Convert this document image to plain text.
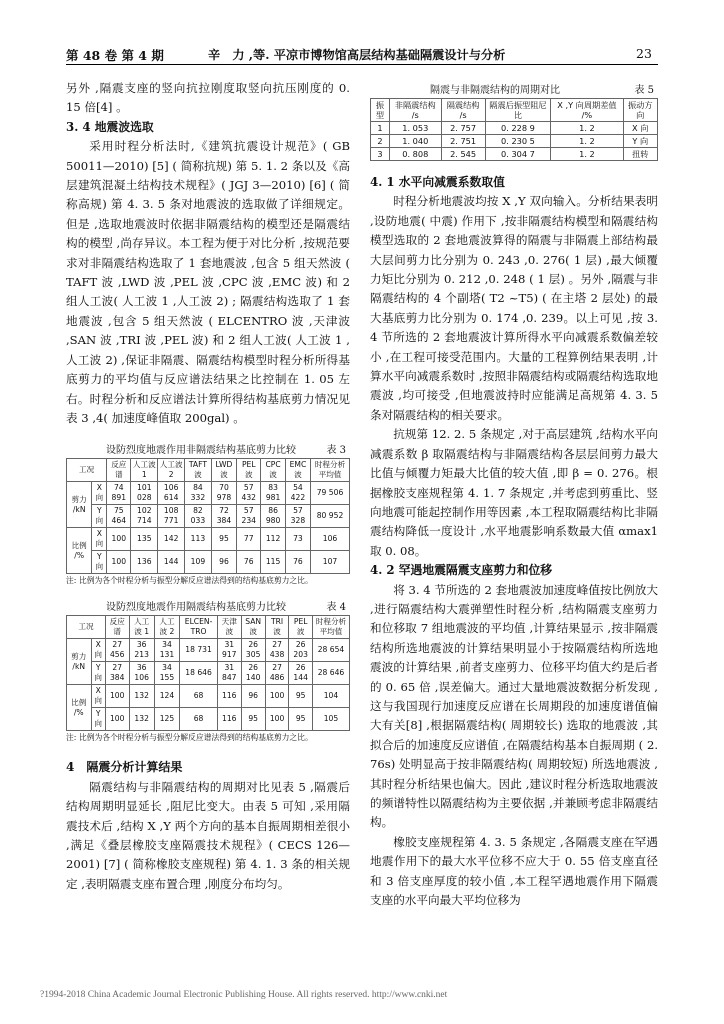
第 48 卷 第 4 期	辛　力 ,等. 平凉市博物馆高层结构基础隔震设计与分析	23

另外 ,隔震支座的竖向抗拉刚度取竖向抗压刚度的 0. 15 倍[4] 。

3. 4 地震波选取

采用时程分析法时,《建筑抗震设计规范》( GB 50011—2010) [5] ( 简称抗规) 第 5. 1. 2 条以及《高层建筑混凝土结构技术规程》( JGJ 3—2010) [6] ( 简称高规) 第 4. 3. 5 条对地震波的选取做了详细规定。但是 ,选取地震波时依据非隔震结构的模型还是隔震结构的模型 ,尚存异议。本工程为便于对比分析 ,按规范要求对非隔震结构选取了 1 套地震波 ,包含 5 组天然波 ( TAFT 波 ,LWD 波 ,PEL 波 ,CPC 波 ,EMC 波) 和 2 组人工波( 人工波 1 ,人工波 2) ; 隔震结构选取了 1 套地震波 ,包含 5 组天然波 ( ELCENTRO 波 ,天津波 ,SAN 波 ,TRI 波 ,PEL 波) 和 2 组人工波( 人工波 1 ,人工波 2) ,保证非隔震、隔震结构模型时程分析所得基底剪力的平均值与反应谱法结果之比控制在 1. 05 左右。时程分析和反应谱法计算所得结构基底剪力情况见表 3 ,4( 加速度峰值取 200gal) 。

设防烈度地震作用非隔震结构基底剪力比较	表 3
工况		反应谱	人工波 1	人工波 2	TAFT 波	LWD 波	PEL 波	CPC 波	EMC 波	时程分析平均值
剪力 /kN	X 向	74 891	101 028	106 614	84 332	70 978	57 432	83 981	54 422	79 506
	Y 向	75 464	102 714	108 771	82 033	72 384	57 234	86 980	57 328	80 952
比例 /%	X 向	100	135	142	113	95	77	112	73	106
	Y 向	100	136	144	109	96	76	115	76	107
注: 比例为各个时程分析与振型分解反应谱法得到的结构基底剪力之比。
设防烈度地震作用隔震结构基底剪力比较	表 4
工况		反应谱	人工波 1	人工波 2	ELCEN-TRO	天津波	SAN 波	TRI 波	PEL 波	时程分析平均值
剪力 /kN	X 向	27 456	36 213	34 131	18 731	31 917	26 305	27 438	26 203	28 654
	Y 向	27 384	36 106	34 155	18 646	31 847	26 140	27 486	26 144	28 646
比例 /%	X 向	100	132	124	68	116	96	100	95	104
	Y 向	100	132	125	68	116	95	100	95	105
注: 比例为各个时程分析与振型分解反应谱法得到的结构基底剪力之比。
4　隔震分析计算结果

隔震结构与非隔震结构的周期对比见表 5 ,隔震后结构周期明显延长 ,阻尼比变大。由表 5 可知 ,采用隔震技术后 ,结构 X ,Y 两个方向的基本自振周期相差很小 ,满足《叠层橡胶支座隔震技术规程》( CECS 126—2001) [7] ( 简称橡胶支座规程) 第 4. 1. 3 条的相关规定 ,表明隔震支座布置合理 ,刚度分布均匀。

隔震与非隔震结构的周期对比	表 5
振型	非隔震结构 /s	隔震结构 /s	隔震后振型阻尼比	X ,Y 向周期差值 /%	振动方向
1	1. 053	2. 757	0. 228 9	1. 2	X 向
2	1. 040	2. 751	0. 230 5	1. 2	Y 向
3	0. 808	2. 545	0. 304 7	1. 2	扭转
4. 1 水平向减震系数取值

时程分析地震波均按 X ,Y 双向输入。分析结果表明 ,设防地震( 中震) 作用下 ,按非隔震结构模型和隔震结构模型选取的 2 套地震波算得的隔震与非隔震上部结构最大层间剪力比分别为 0. 243 ,0. 276( 1 层) ,最大倾覆力矩比分别为 0. 212 ,0. 248 ( 1 层) 。另外 ,隔震与非隔震结构的 4 个副塔( T2 ~T5) ( 在主塔 2 层处) 的最大基底剪力比分别为 0. 174 ,0. 239。以上可见 ,按 3. 4 节所选的 2 套地震波计算所得水平向减震系数偏差较小 ,在工程可接受范围内。大量的工程算例结果表明 ,计算水平向减震系数时 ,按照非隔震结构或隔震结构选取地震波 ,均可接受 ,但地震波持时应能满足高规第 4. 3. 5 条对隔震结构的相关要求。

抗规第 12. 2. 5 条规定 ,对于高层建筑 ,结构水平向减震系数 β 取隔震结构与非隔震结构各层层间剪力最大比值与倾覆力矩最大比值的较大值 ,即 β = 0. 276。根据橡胶支座规程第 4. 1. 7 条规定 ,并考虑到剪重比、竖向地震可能起控制作用等因素 ,本工程取隔震结构比非隔震结构降低一度设计 ,水平地震影响系数最大值 αmax1 取 0. 08。

4. 2 罕遇地震隔震支座剪力和位移

将 3. 4 节所选的 2 套地震波加速度峰值按比例放大 ,进行隔震结构大震弹塑性时程分析 ,结构隔震支座剪力和位移取 7 组地震波的平均值 ,计算结果显示 ,按非隔震结构所选地震波的计算结果明显小于按隔震结构所选地震波的计算结果 ,前者支座剪力、位移平均值大约是后者的 0. 65 倍 ,误差偏大。通过大量地震波数据分析发现 ,这与我国现行加速度反应谱在长周期段的加速度谱值偏大有关[8] ,根据隔震结构( 周期较长) 选取的地震波 ,其拟合后的加速度反应谱值 ,在隔震结构基本自振周期 ( 2. 76s) 处明显高于按非隔震结构( 周期较短) 所选地震波 ,其时程分析结果也偏大。因此 ,建议时程分析选取地震波的频谱特性以隔震结构为主要依据 ,并兼顾考虑非隔震结构。

橡胶支座规程第 4. 3. 5 条规定 ,各隔震支座在罕遇地震作用下的最大水平位移不应大于 0. 55 倍支座直径和 3 倍支座厚度的较小值 ,本工程罕遇地震作用下隔震支座的水平向最大平均位移为

?1994-2018 China Academic Journal Electronic Publishing House. All rights reserved. http://www.cnki.net
